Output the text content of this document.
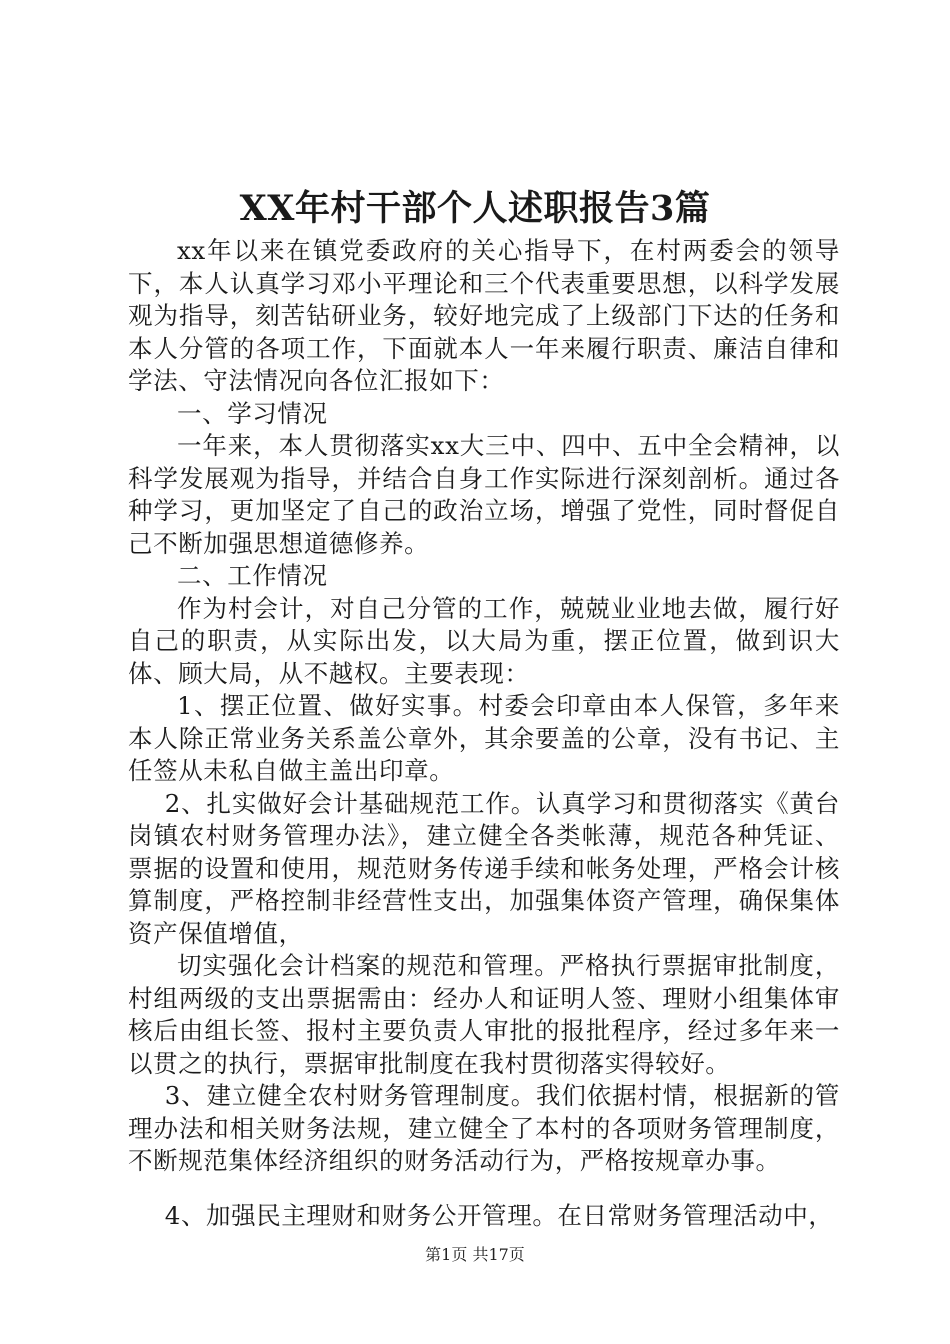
XX年村干部个人述职报告3篇

xx年以来在镇党委政府的关心指导下，在村两委会的领导下，本人认真学习邓小平理论和三个代表重要思想，以科学发展观为指导，刻苦钻研业务，较好地完成了上级部门下达的任务和本人分管的各项工作，下面就本人一年来履行职责、廉洁自律和学法、守法情况向各位汇报如下：

一、学习情况

一年来，本人贯彻落实xx大三中、四中、五中全会精神，以科学发展观为指导，并结合自身工作实际进行深刻剖析。通过各种学习，更加坚定了自己的政治立场，增强了党性，同时督促自己不断加强思想道德修养。

二、工作情况

作为村会计，对自己分管的工作，兢兢业业地去做，履行好自己的职责，从实际出发，以大局为重，摆正位置，做到识大体、顾大局，从不越权。主要表现：

1、摆正位置、做好实事。村委会印章由本人保管，多年来本人除正常业务关系盖公章外，其余要盖的公章，没有书记、主任签从未私自做主盖出印章。

2、扎实做好会计基础规范工作。认真学习和贯彻落实《黄台岗镇农村财务管理办法》，建立健全各类帐薄，规范各种凭证、票据的设置和使用，规范财务传递手续和帐务处理，严格会计核算制度，严格控制非经营性支出，加强集体资产管理，确保集体资产保值增值，

切实强化会计档案的规范和管理。严格执行票据审批制度，村组两级的支出票据需由：经办人和证明人签、理财小组集体审核后由组长签、报村主要负责人审批的报批程序，经过多年来一以贯之的执行，票据审批制度在我村贯彻落实得较好。

3、建立健全农村财务管理制度。我们依据村情，根据新的管理办法和相关财务法规，建立健全了本村的各项财务管理制度，不断规范集体经济组织的财务活动行为，严格按规章办事。

4、加强民主理财和财务公开管理。在日常财务管理活动中，

第1页 共17页
